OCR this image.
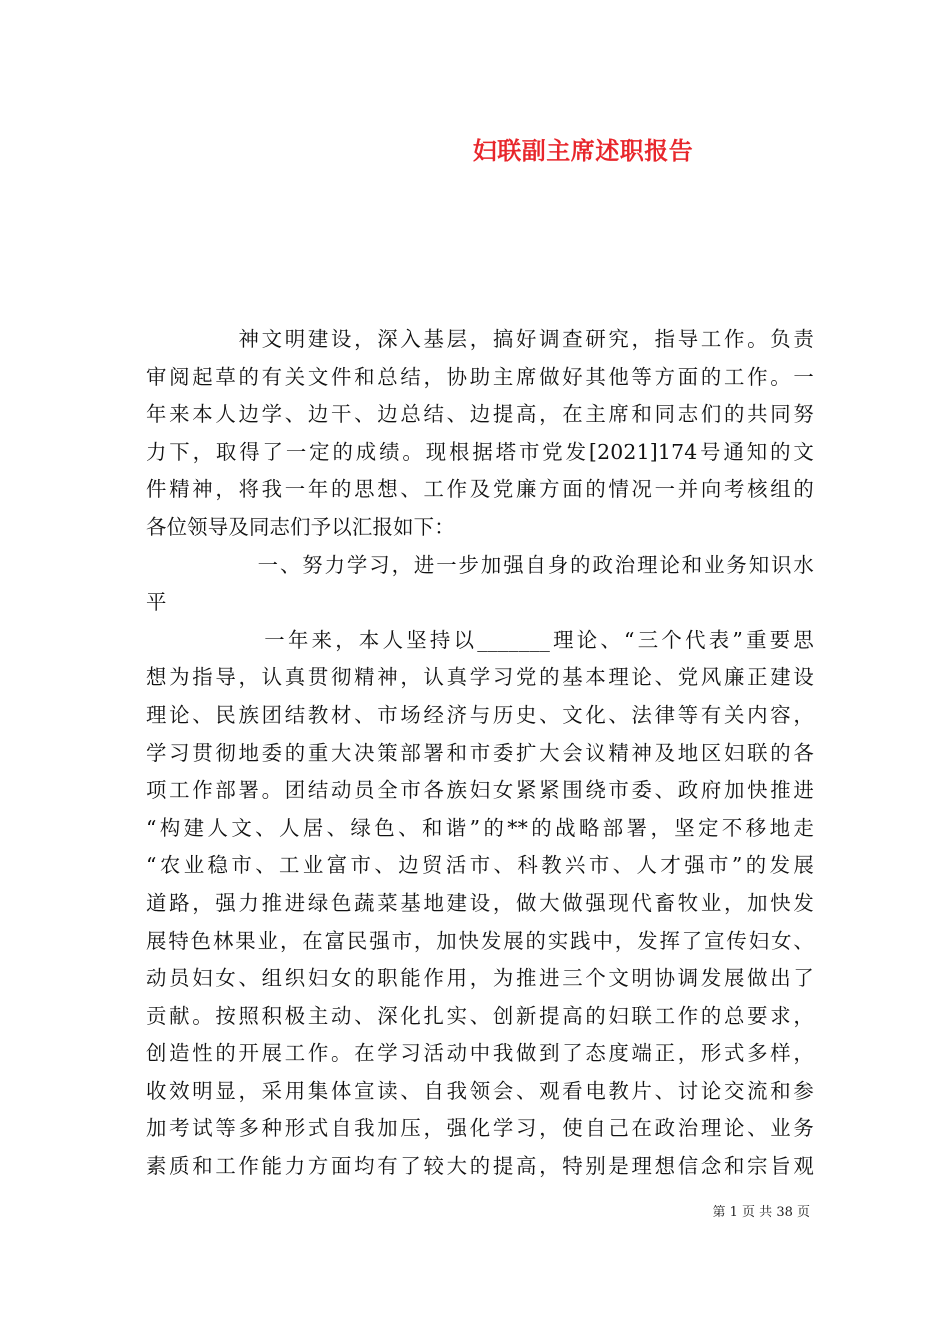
妇联副主席述职报告
　　　　神文明建设，深入基层，搞好调查研究，指导工作。负责
审阅起草的有关文件和总结，协助主席做好其他等方面的工作。一
年来本人边学、边干、边总结、边提高，在主席和同志们的共同努
力下，取得了一定的成绩。现根据塔市党发[2021]174号通知的文
件精神，将我一年的思想、工作及党廉方面的情况一并向考核组的
各位领导及同志们予以汇报如下：
　　　　　一、努力学习，进一步加强自身的政治理论和业务知识水
平
　　　　　一年来，本人坚持以_______理论、“三个代表”重要思
想为指导，认真贯彻精神，认真学习党的基本理论、党风廉正建设
理论、民族团结教材、市场经济与历史、文化、法律等有关内容，
学习贯彻地委的重大决策部署和市委扩大会议精神及地区妇联的各
项工作部署。团结动员全市各族妇女紧紧围绕市委、政府加快推进
“构建人文、人居、绿色、和谐”的**的战略部署，坚定不移地走
“农业稳市、工业富市、边贸活市、科教兴市、人才强市”的发展
道路，强力推进绿色蔬菜基地建设，做大做强现代畜牧业，加快发
展特色林果业，在富民强市，加快发展的实践中，发挥了宣传妇女、
动员妇女、组织妇女的职能作用，为推进三个文明协调发展做出了
贡献。按照积极主动、深化扎实、创新提高的妇联工作的总要求，
创造性的开展工作。在学习活动中我做到了态度端正，形式多样，
收效明显，采用集体宣读、自我领会、观看电教片、讨论交流和参
加考试等多种形式自我加压，强化学习，使自己在政治理论、业务
素质和工作能力方面均有了较大的提高，特别是理想信念和宗旨观
第 1 页 共 38 页
